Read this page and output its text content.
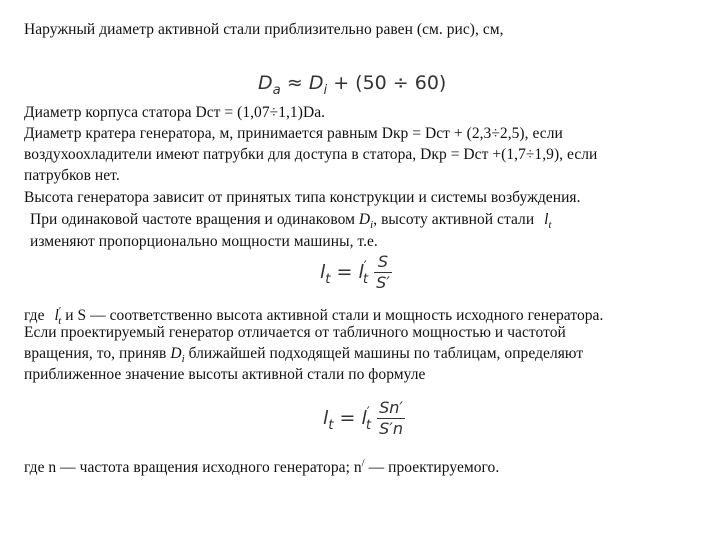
Наружный диаметр активной стали приблизительно равен (см. рис), см,
$D_a \approx D_i + (50 \div 60)$
Диаметр корпуса статора Dст = (1,07÷1,1)Dа.
Диаметр кратера генератора, м, принимается равным Dкр = Dст + (2,3÷2,5), если
воздухоохладители имеют патрубки для доступа в статора, Dкр = Dст +(1,7÷1,9), если
патрубков нет.
Высота генератора зависит от принятых типа конструкции и системы возбуждения.
При одинаковой частоте вращения и одинаковом $D_i$, высоту активной стали $l_t$
изменяют пропорционально мощности машины, т.е.
$l_t = l'_t \frac{S}{S'}$
где $l'_t$ и S — соответственно высота активной стали и мощность исходного генератора.
Если проектируемый генератор отличается от табличного мощностью и частотой
вращения, то, приняв $D_i$ ближайшей подходящей машины по таблицам, определяют
приближенное значение высоты активной стали по формуле
$l_t = l'_t \frac{Sn'}{S'n}$
где n — частота вращения исходного генератора; n/ — проектируемого.
